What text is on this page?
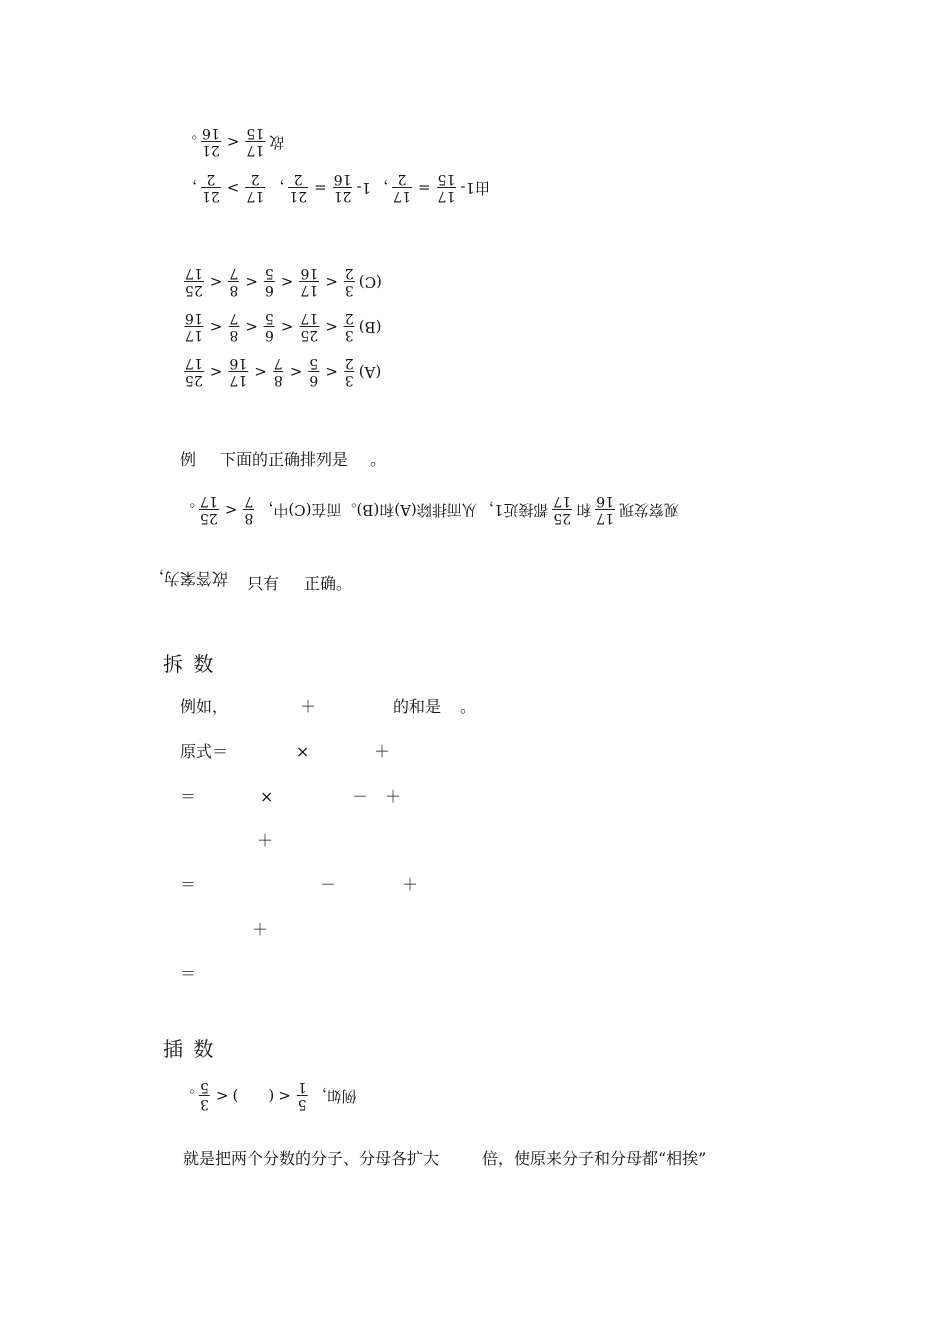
故
17
15
<
21
16
。
由1-
17
15
=
17
2
，
1-
21
16
=
21
2
，
17
2
>
21
2
，
(C)
3
2
<
17
16
<
6
5
<
8
7
<
25
17
(B)
3
2
<
25
17
<
6
5
<
8
7
<
17
16
(A)
3
2
<
6
5
<
8
7
<
17
16
<
25
17
例 下面的正确排列是 。
观察发现
17
16
和
25
17
都接近1，
从而排除(A)和(B)。而在(C)中，
8
7
<
25
17
。
故答案为，	只有 正确。
拆 数
例如，	＋	的和是 。
原式＝	×	＋
＝	×	－ ＋
＋
＝	－	＋
＋
＝
插 数
例如，
5
1
<
(
)
<
3
5
。
就是把两个分数的分子、分母各扩大	倍，使原来分子和分母都“相挨”
